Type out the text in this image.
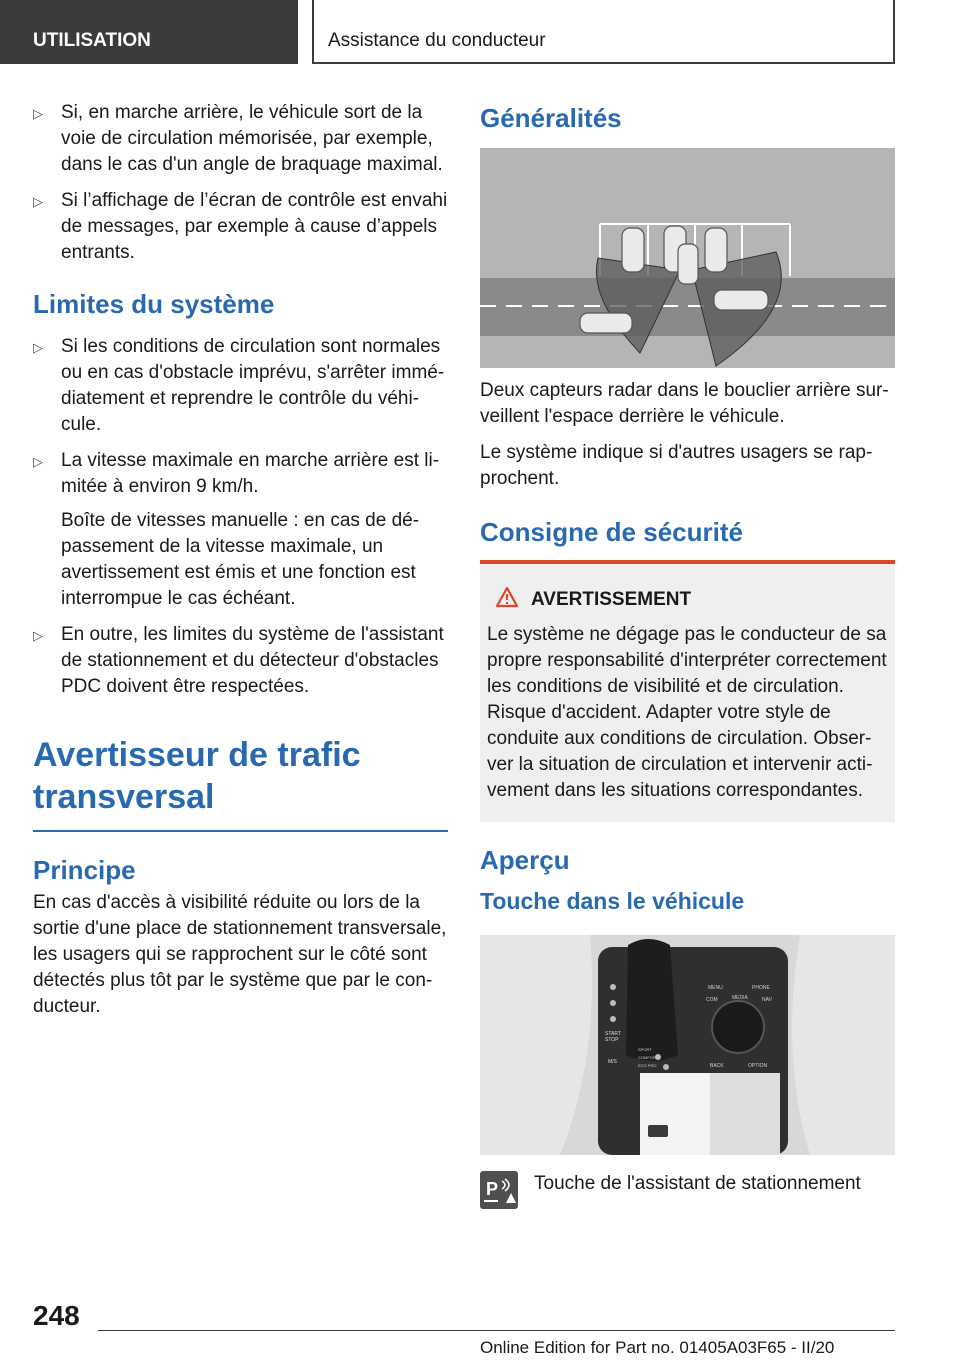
UTILISATION	Assistance du conducteur
▷ Si, en marche arrière, le véhicule sort de la voie de circulation mémorisée, par exemple, dans le cas d'un angle de braquage maximal.

▷ Si l’affichage de l’écran de contrôle est envahi de messages, par exemple à cause d’appels entrants.

Limites du système
▷ Si les conditions de circulation sont normales ou en cas d'obstacle imprévu, s'arrêter immédiatement et reprendre le contrôle du véhicule.

▷ La vitesse maximale en marche arrière est limitée à environ 9 km/h.

Boîte de vitesses manuelle : en cas de dépassement de la vitesse maximale, un avertissement est émis et une fonction est interrompue le cas échéant.

▷ En outre, les limites du système de l'assistant de stationnement et du détecteur d'obstacles PDC doivent être respectées.

Avertisseur de trafic transversal
Principe

En cas d'accès à visibilité réduite ou lors de la sortie d'une place de stationnement transversale, les usagers qui se rapprochent sur le côté sont détectés plus tôt par le système que par le conducteur.

Généralités

Deux capteurs radar dans le bouclier arrière surveillent l'espace derrière le véhicule.

Le système indique si d'autres usagers se rapprochent.

Consigne de sécurité
AVERTISSEMENT
Le système ne dégage pas le conducteur de sa propre responsabilité d'interpréter correctement les conditions de visibilité et de circulation. Risque d'accident. Adapter votre style de conduite aux conditions de circulation. Observer la situation de circulation et intervenir activement dans les situations correspondantes.
Aperçu
Touche dans le véhicule
MENU	PHONE
COM	MEDIA	NAV
BACK	OPTION
START
STOP
SPORT
COMFORT
ECO PRO
M/S
P Touche de l'assistant de stationnement
248
Online Edition for Part no. 01405A03F65 - II/20
